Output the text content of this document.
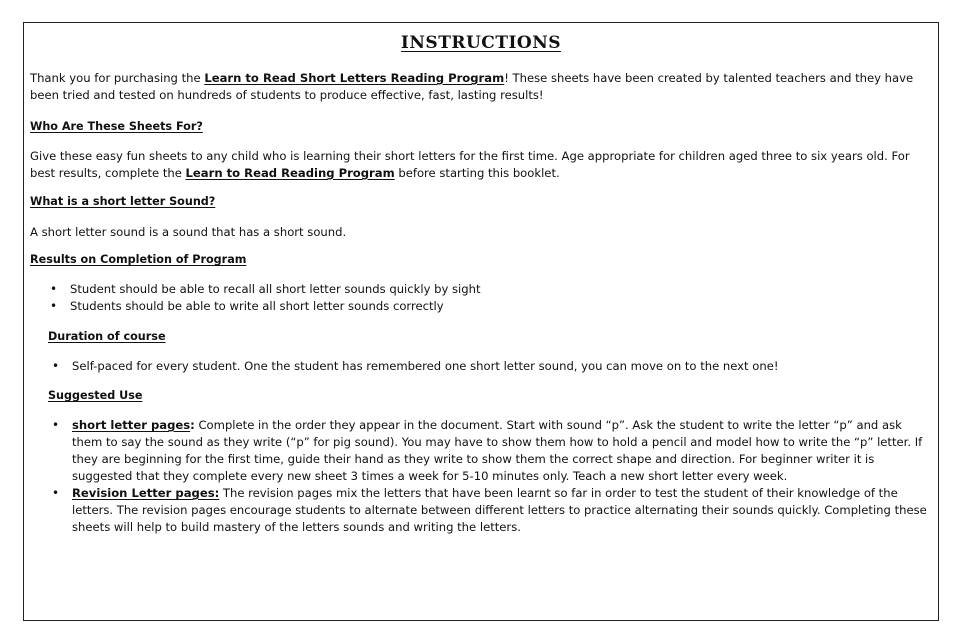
INSTRUCTIONS

Thank you for purchasing the Learn to Read Short Letters Reading Program! These sheets have been created by talented teachers and they have been tried and tested on hundreds of students to produce effective, fast, lasting results!

Who Are These Sheets For?

Give these easy fun sheets to any child who is learning their short letters for the first time. Age appropriate for children aged three to six years old. For best results, complete the Learn to Read Reading Program before starting this booklet.

What is a short letter Sound?

A short letter sound is a sound that has a short sound.

Results on Completion of Program

• Student should be able to recall all short letter sounds quickly by sight
• Students should be able to write all short letter sounds correctly

Duration of course

• Self-paced for every student. One the student has remembered one short letter sound, you can move on to the next one!

Suggested Use

• short letter pages: Complete in the order they appear in the document. Start with sound “p”. Ask the student to write the letter “p” and ask them to say the sound as they write (“p” for pig sound). You may have to show them how to hold a pencil and model how to write the “p” letter. If they are beginning for the first time, guide their hand as they write to show them the correct shape and direction. For beginner writer it is suggested that they complete every new sheet 3 times a week for 5-10 minutes only. Teach a new short letter every week.
• Revision Letter pages: The revision pages mix the letters that have been learnt so far in order to test the student of their knowledge of the letters. The revision pages encourage students to alternate between different letters to practice alternating their sounds quickly. Completing these sheets will help to build mastery of the letters sounds and writing the letters.
